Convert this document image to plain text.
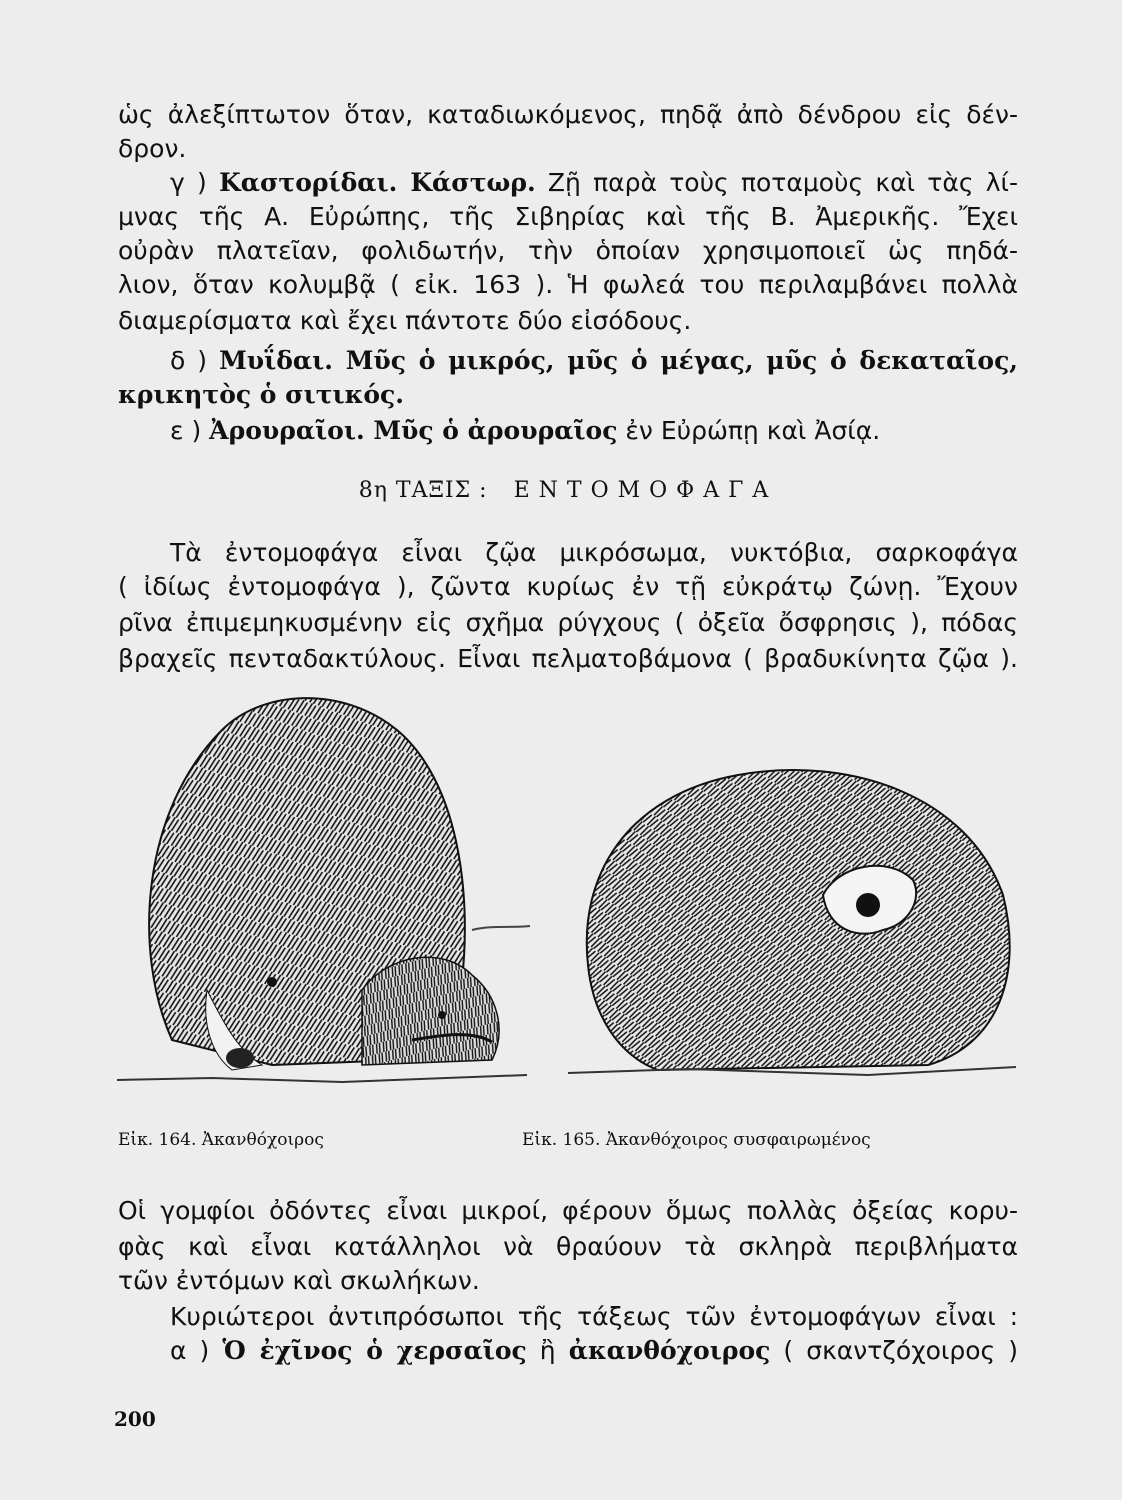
ὡς ἀλεξίπτωτον ὅταν, καταδιωκόμενος, πηδᾷ ἀπὸ δένδρου εἰς δέν-
δρον.
γ ) Καστορίδαι. Κάστωρ. Ζῇ παρὰ τοὺς ποταμοὺς καὶ τὰς λί-
μνας τῆς Α. Εὐρώπης, τῆς Σιβηρίας καὶ τῆς Β. Ἀμερικῆς. Ἔχει
οὐρὰν πλατεῖαν, φολιδωτήν, τὴν ὁποίαν χρησιμοποιεῖ ὡς πηδά-
λιον, ὅταν κολυμβᾷ ( εἰκ. 163 ). Ἡ φωλεά του περιλαμβάνει πολλὰ
διαμερίσματα καὶ ἔχει πάντοτε δύο εἰσόδους.
δ ) Μυΐδαι. Μῦς ὁ μικρός, μῦς ὁ μέγας, μῦς ὁ δεκαταῖος,
κρικητὸς ὁ σιτικός.
ε ) Ἀρουραῖοι. Μῦς ὁ ἀρουραῖος ἐν Εὐρώπῃ καὶ Ἀσίᾳ.
8η ΤΑΞΙΣ : ΕΝΤΟΜΟΦΑΓΑ
Τὰ ἐντομοφάγα εἶναι ζῷα μικρόσωμα, νυκτόβια, σαρκοφάγα
( ἰδίως ἐντομοφάγα ), ζῶντα κυρίως ἐν τῇ εὐκράτῳ ζώνῃ. Ἔχουν
ρῖνα ἐπιμεμηκυσμένην εἰς σχῆμα ρύγχους ( ὀξεῖα ὄσφρησις ), πόδας
βραχεῖς πενταδακτύλους. Εἶναι πελματοβάμονα ( βραδυκίνητα ζῷα ).
Εἰκ. 164. Ἀκανθόχοιρος	Εἰκ. 165. Ἀκανθόχοιρος συσφαιρωμένος
Οἱ γομφίοι ὀδόντες εἶναι μικροί, φέρουν ὅμως πολλὰς ὀξείας κορυ-
φὰς καὶ εἶναι κατάλληλοι νὰ θραύουν τὰ σκληρὰ περιβλήματα
τῶν ἐντόμων καὶ σκωλήκων.
Κυριώτεροι ἀντιπρόσωποι τῆς τάξεως τῶν ἐντομοφάγων εἶναι :
α ) Ὁ ἐχῖνος ὁ χερσαῖος ἢ ἀκανθόχοιρος ( σκαντζόχοιρος )
200
